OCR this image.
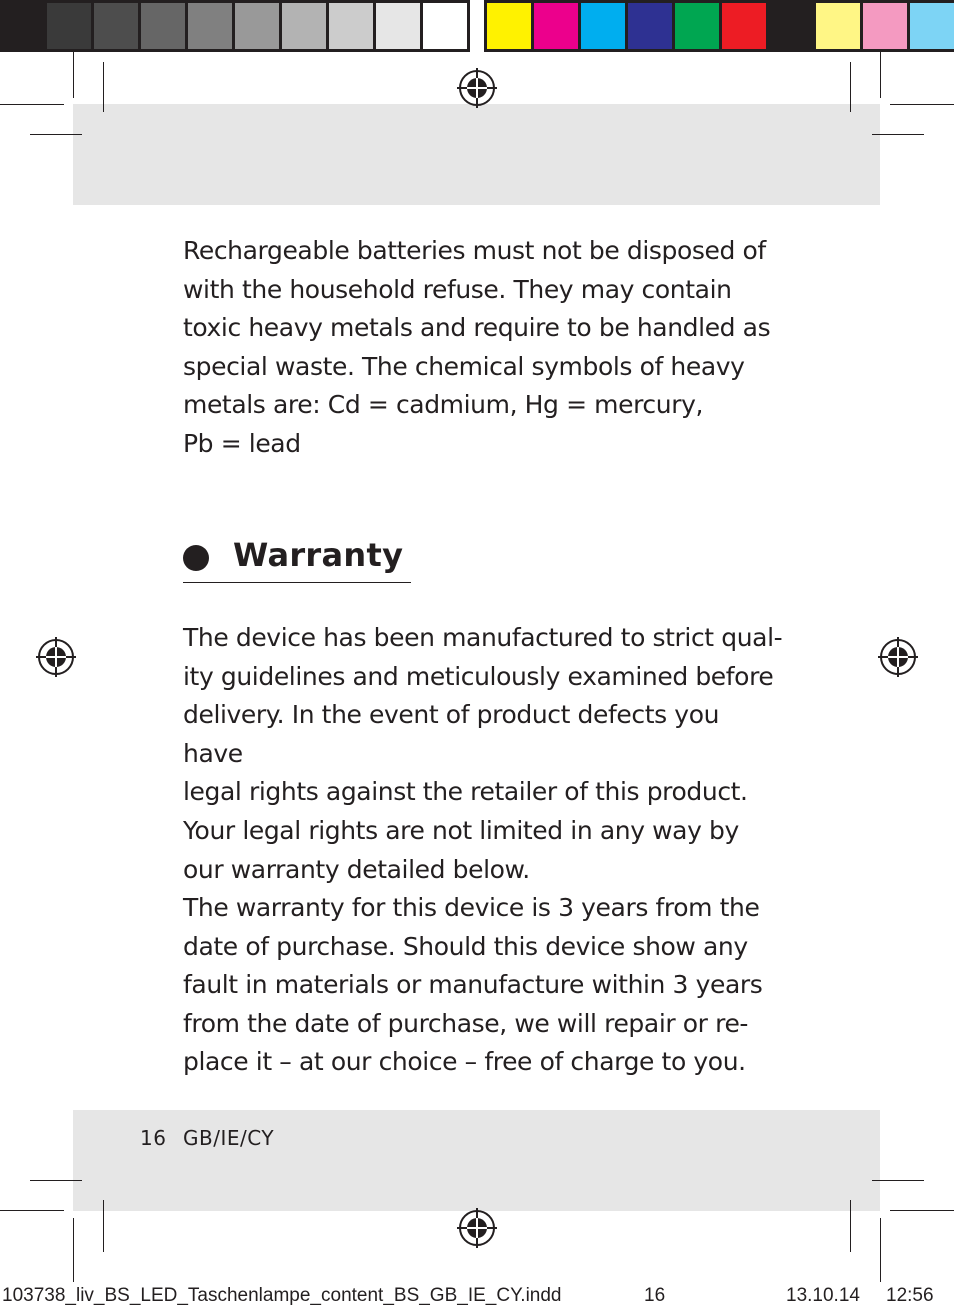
Rechargeable batteries must not be disposed of
with the household refuse. They may contain
toxic heavy metals and require to be handled as
special waste. The chemical symbols of heavy
metals are: Cd = cadmium, Hg = mercury,
Pb = lead

Warranty

The device has been manufactured to strict qual-
ity guidelines and meticulously examined before
delivery. In the event of product defects you have
legal rights against the retailer of this product.
Your legal rights are not limited in any way by
our warranty detailed below.

The warranty for this device is 3 years from the
date of purchase. Should this device show any
fault in materials or manufacture within 3 years
from the date of purchase, we will repair or re-
place it – at our choice – free of charge to you.

16 GB/IE/CY
103738_liv_BS_LED_Taschenlampe_content_BS_GB_IE_CY.indd	16	13.10.14 12:56
